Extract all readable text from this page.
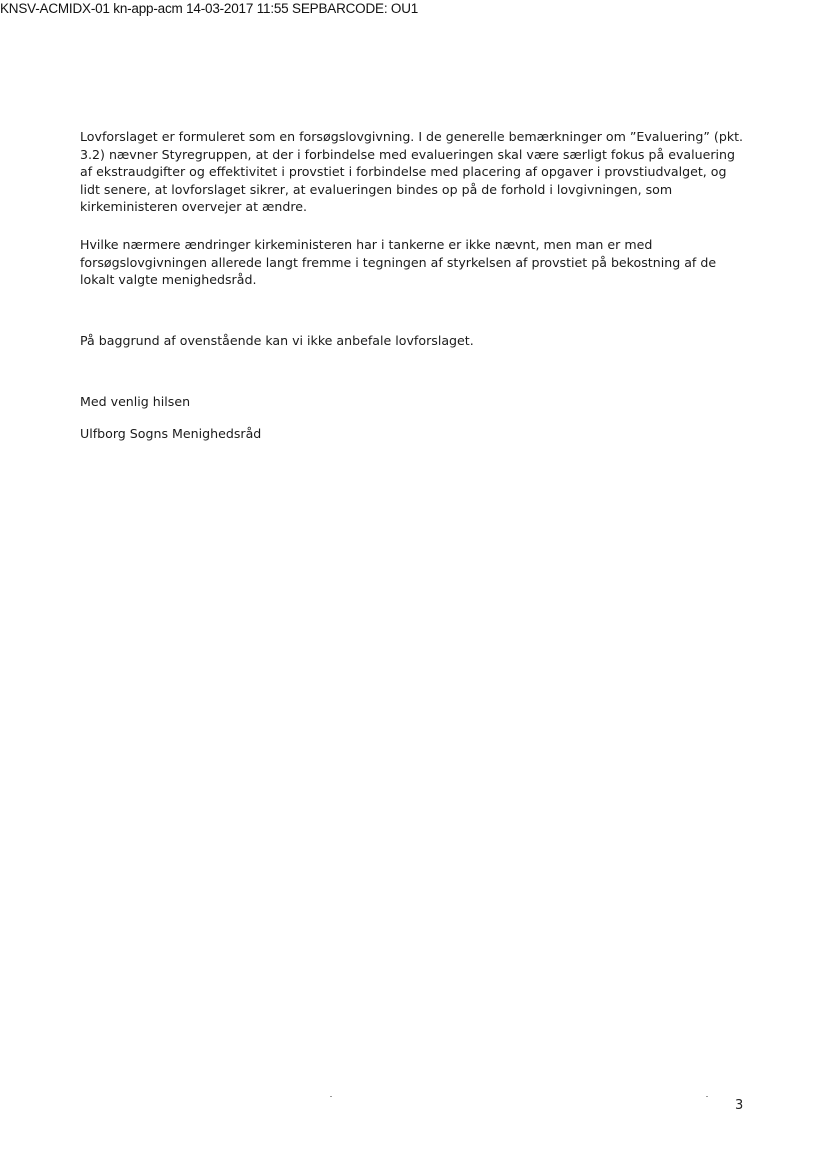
KNSV-ACMIDX-01 kn-app-acm 14-03-2017 11:55 SEPBARCODE: OU1

Lovforslaget er formuleret som en forsøgslovgivning. I de generelle bemærkninger om ”Evaluering” (pkt. 3.2) nævner Styregruppen, at der i forbindelse med evalueringen skal være særligt fokus på evaluering af ekstraudgifter og effektivitet i provstiet i forbindelse med placering af opgaver i provstiudvalget, og lidt senere, at lovforslaget sikrer, at evalueringen bindes op på de forhold i lovgivningen, som kirkeministeren overvejer at ændre.

Hvilke nærmere ændringer kirkeministeren har i tankerne er ikke nævnt, men man er med forsøgslovgivningen allerede langt fremme i tegningen af styrkelsen af provstiet på bekostning af de lokalt valgte menighedsråd.

På baggrund af ovenstående kan vi ikke anbefale lovforslaget.

Med venlig hilsen

Ulfborg Sogns Menighedsråd

3
